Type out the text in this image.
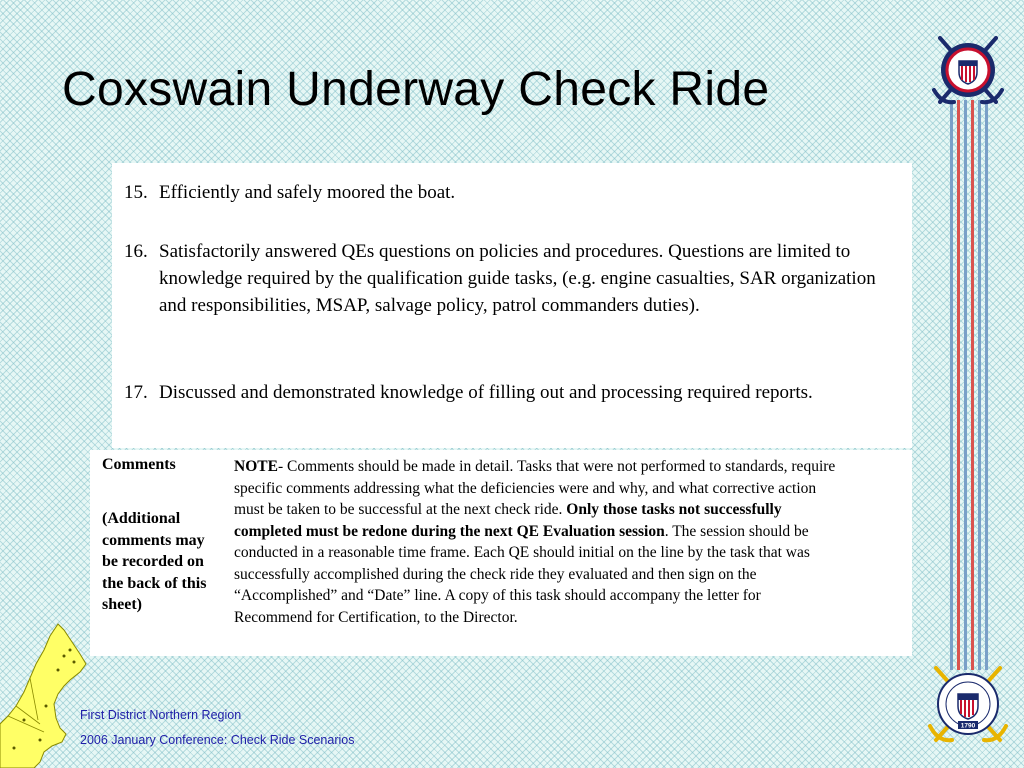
Coxswain Underway Check Ride
15. Efficiently and safely moored the boat.
16. Satisfactorily answered QEs questions on policies and procedures. Questions are limited to knowledge required by the qualification guide tasks, (e.g. engine casualties, SAR organization and responsibilities, MSAP, salvage policy, patrol commanders duties).
17. Discussed and demonstrated knowledge of filling out and processing required reports.
Comments
(Additional comments may be recorded on the back of this sheet)
NOTE- Comments should be made in detail. Tasks that were not performed to standards, require specific comments addressing what the deficiencies were and why, and what corrective action must be taken to be successful at the next check ride. Only those tasks not successfully completed must be redone during the next QE Evaluation session. The session should be conducted in a reasonable time frame. Each QE should initial on the line by the task that was successfully accomplished during the check ride they evaluated and then sign on the “Accomplished” and “Date” line. A copy of this task should accompany the letter for Recommend for Certification, to the Director.
First District Northern Region
2006 January Conference: Check Ride Scenarios
1790
